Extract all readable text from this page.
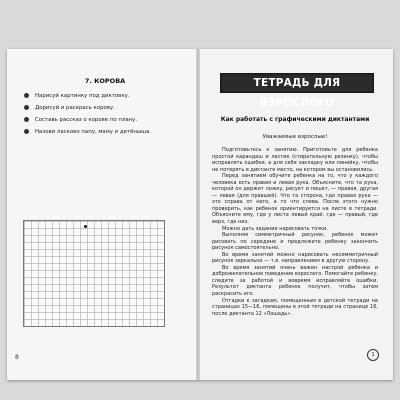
7. КОРОВА
Нарисуй картинку под диктовку.
Дорисуй и раскрась корову.
Составь рассказ о корове по плану.
Назови ласково папу, маму и детёныша.
8
ТЕТРАДЬ ДЛЯ ВЗРОСЛОГО
Как работать с графическими диктантами
Уважаемые взрослые!

Подготовьтесь к занятию. Приготовьте для ребенка простой карандаш и ластик (стирательную резинку), чтобы исправлять ошибки, а для себя закладку или линейку, чтобы не потерять в диктанте место, на котором вы остановились.

Перед занятием обучите ребенка на то, что у каждого человека есть правая и левая рука. Объясните, что та рука, которой он держит ложку, рисует и пишет, — правая, другая — левая (для правшей). Что та сторона, где правая рука — это справа от него, а то что слева. После этого нужно проверить, как ребенок ориентируется на листе в тетради. Объясните ему, где у листа левый край, где — правый, где верх, где низ.

Можно дать задание нарисовать точки.

Выполняя симметричный рисунок, ребенок может рисовать по середине и предложите ребенку закончить рисунок самостоятельно.

Во время занятий можно нарисовать несимметричный рисунок зеркально — т.е. направлением в другую сторону.

Во время занятий очень важен настрой ребенка и доброжелательное поведение взрослого. Помогайте ребенку, следите за работой и вовремя исправляйте ошибки. Результат диктанта ребенок получит, чтобы затем раскрасить его.

Отгадки к загадкам, помещенным в детской тетради на страницах 15—16, помещены в этой тетради на странице 16, после диктанта 12 «Лошадь».

1
